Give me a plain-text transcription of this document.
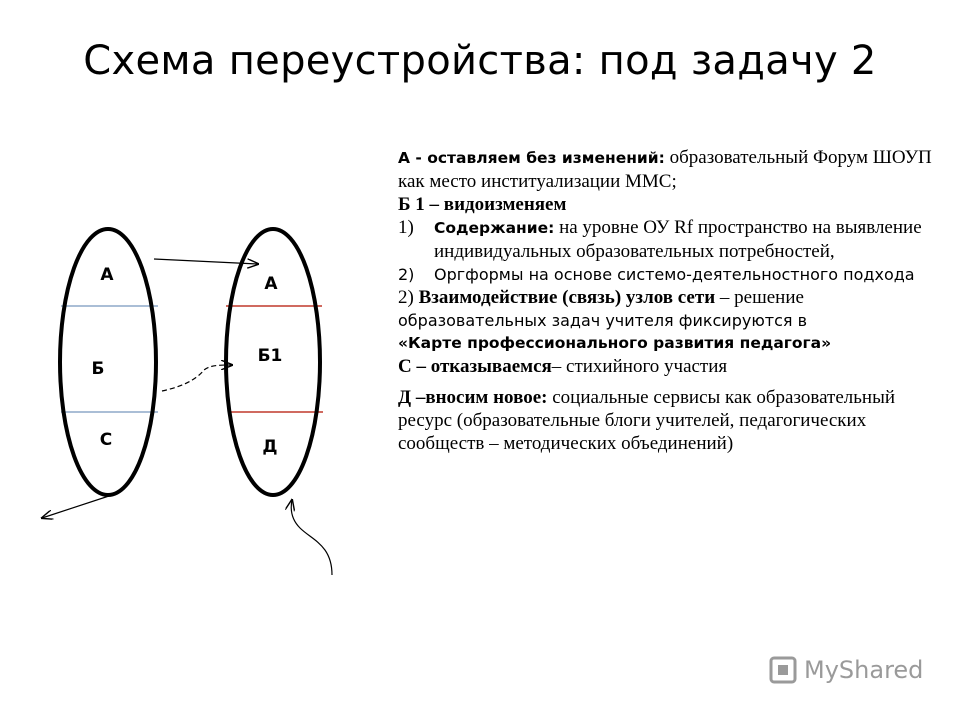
Схема переустройства: под задачу 2
А
Б
С
А
Б1
Д

А - оставляем без изменений: образовательный Форум ШОУП как место институализации ММС;

Б 1 – видоизменяем

1) Содержание: на уровне ОУ Rf пространство на выявление индивидуальных образовательных потребностей,
2) Оргформы на основе системо-деятельностного подхода

2) Взаимодействие (связь) узлов сети – решение

образовательных задач учителя фиксируются в

«Карте профессионального развития педагога»

С – отказываемся– стихийного участия

Д –вносим новое: социальные сервисы как образовательный ресурс (образовательные блоги учителей, педагогических сообществ – методических объединений)

MyShared
